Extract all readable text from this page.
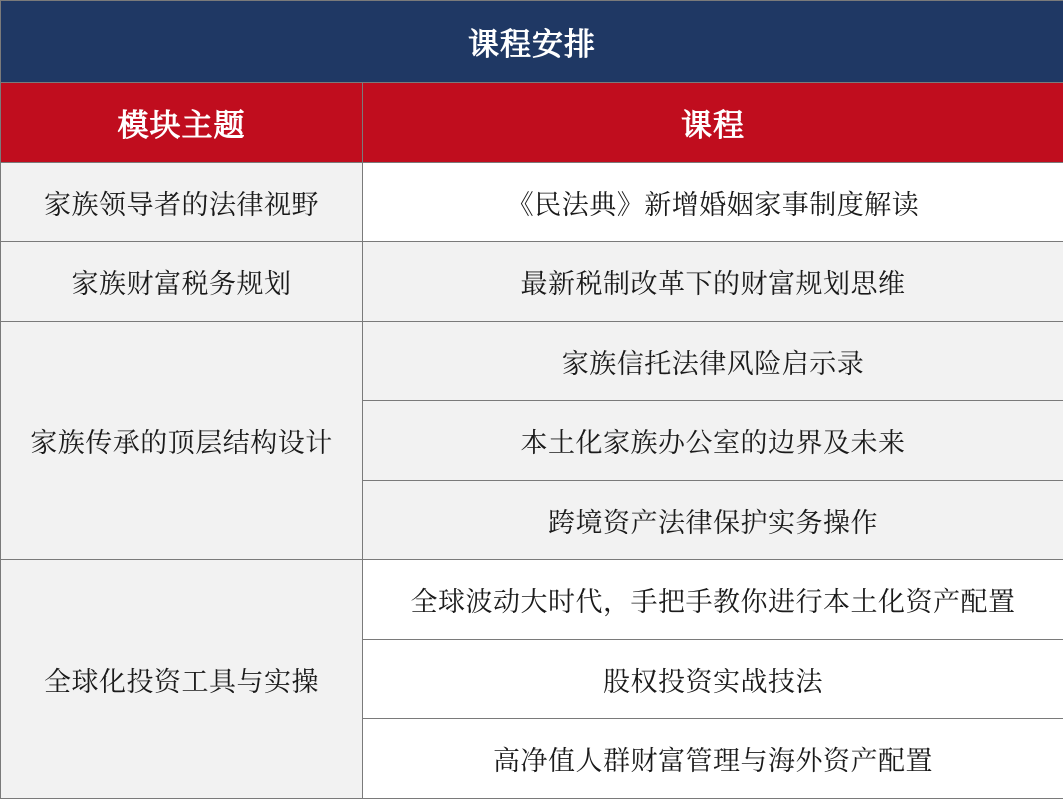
课程安排	
模块主题	课程
家族领导者的法律视野	《民法典》新增婚姻家事制度解读
家族财富税务规划	最新税制改革下的财富规划思维
家族传承的顶层结构设计	家族信托法律风险启示录
	本土化家族办公室的边界及未来
	跨境资产法律保护实务操作
全球化投资工具与实操	全球波动大时代，手把手教你进行本土化资产配置
	股权投资实战技法
	高净值人群财富管理与海外资产配置
